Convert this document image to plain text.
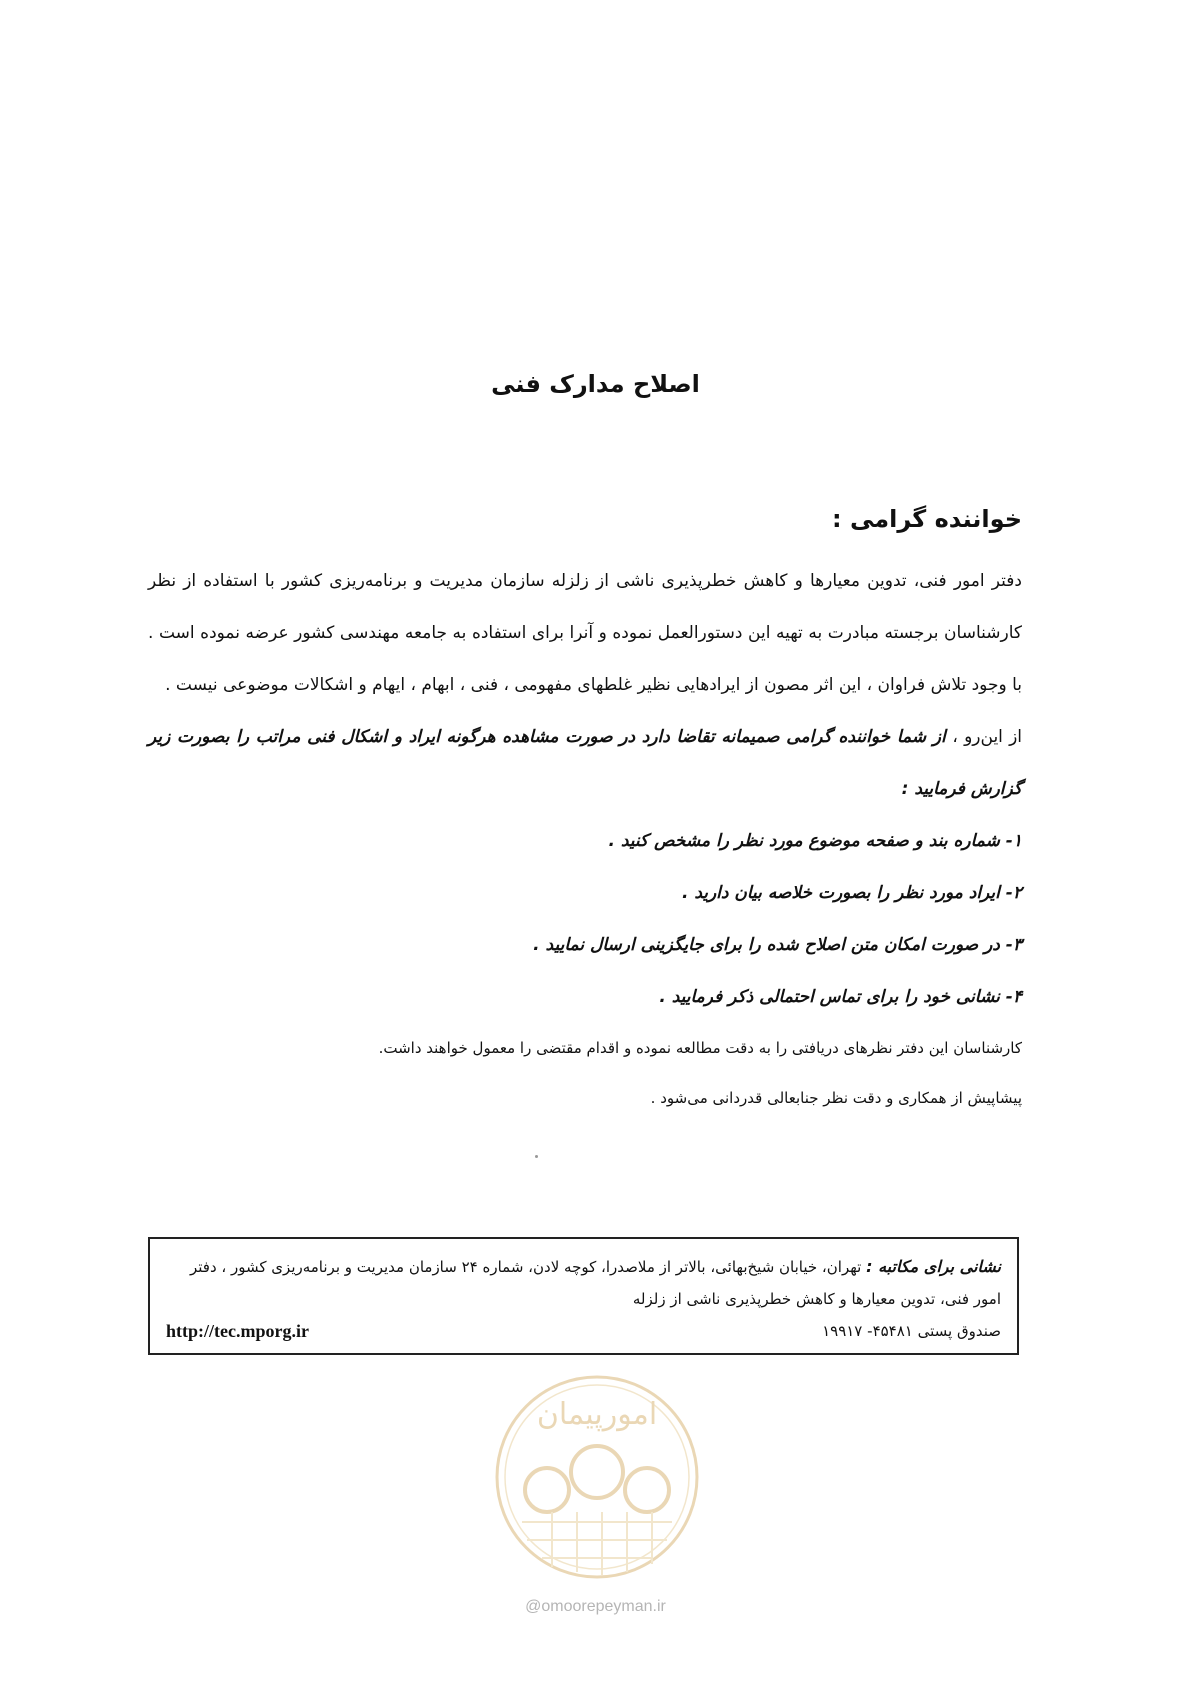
اصلاح مدارک فنی
خواننده گرامی :

دفتر امور فنی، تدوین معیارها و کاهش خطرپذیری ناشی از زلزله سازمان مدیریت و برنامه‌ریزی کشور با استفاده از نظر کارشناسان برجسته مبادرت به تهیه این دستورالعمل نموده و آنرا برای استفاده به جامعه مهندسی کشور عرضه نموده است . با وجود تلاش فراوان ، این اثر مصون از ایرادهایی نظیر غلطهای مفهومی ، فنی ، ابهام ، ایهام و اشکالات موضوعی نیست .

از این‌رو ، از شما خواننده گرامی صمیمانه تقاضا دارد در صورت مشاهده هرگونه ایراد و اشکال فنی مراتب را بصورت زیر گزارش فرمایید :

۱- شماره بند و صفحه موضوع مورد نظر را مشخص کنید .

۲- ایراد مورد نظر را بصورت خلاصه بیان دارید .

۳- در صورت امکان متن اصلاح شده را برای جایگزینی ارسال نمایید .

۴- نشانی خود را برای تماس احتمالی ذکر فرمایید .

کارشناسان این دفتر نظرهای دریافتی را به دقت مطالعه نموده و اقدام مقتضی را معمول خواهند داشت.

پیشاپیش از همکاری و دقت نظر جنابعالی قدردانی می‌شود .

نشانی برای مکاتبه : تهران، خیابان شیخ‌بهائی، بالاتر از ملاصدرا، کوچه لادن، شماره ۲۴ سازمان مدیریت و برنامه‌ریزی کشور ، دفتر امور فنی، تدوین معیارها و کاهش خطرپذیری ناشی از زلزله
صندوق پستی ۴۵۴۸۱- ۱۹۹۱۷
http://tec.mporg.ir
امورپیمان
@omoorepeyman.ir
